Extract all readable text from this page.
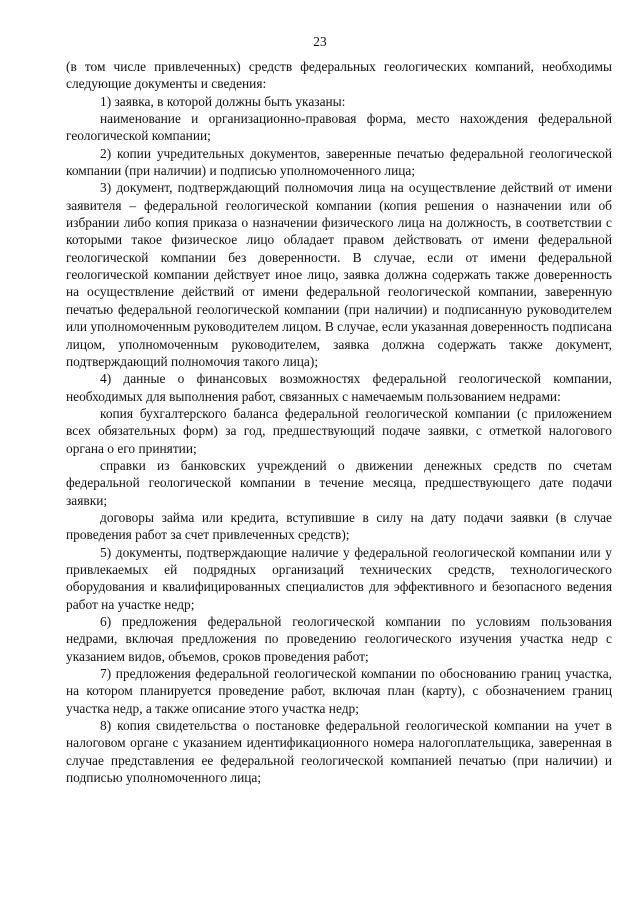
23

(в том числе привлеченных) средств федеральных геологических компаний, необходимы следующие документы и сведения:

1) заявка, в которой должны быть указаны:

наименование и организационно-правовая форма, место нахождения федеральной геологической компании;

2) копии учредительных документов, заверенные печатью федеральной геологической компании (при наличии) и подписью уполномоченного лица;

3) документ, подтверждающий полномочия лица на осуществление действий от имени заявителя – федеральной геологической компании (копия решения о назначении или об избрании либо копия приказа о назначении физического лица на должность, в соответствии с которыми такое физическое лицо обладает правом действовать от имени федеральной геологической компании без доверенности. В случае, если от имени федеральной геологической компании действует иное лицо, заявка должна содержать также доверенность на осуществление действий от имени федеральной геологической компании, заверенную печатью федеральной геологической компании (при наличии) и подписанную руководителем или уполномоченным руководителем лицом. В случае, если указанная доверенность подписана лицом, уполномоченным руководителем, заявка должна содержать также документ, подтверждающий полномочия такого лица);

4) данные о финансовых возможностях федеральной геологической компании, необходимых для выполнения работ, связанных с намечаемым пользованием недрами:

копия бухгалтерского баланса федеральной геологической компании (с приложением всех обязательных форм) за год, предшествующий подаче заявки, с отметкой налогового органа о его принятии;

справки из банковских учреждений о движении денежных средств по счетам федеральной геологической компании в течение месяца, предшествующего дате подачи заявки;

договоры займа или кредита, вступившие в силу на дату подачи заявки (в случае проведения работ за счет привлеченных средств);

5) документы, подтверждающие наличие у федеральной геологической компании или у привлекаемых ей подрядных организаций технических средств, технологического оборудования и квалифицированных специалистов для эффективного и безопасного ведения работ на участке недр;

6) предложения федеральной геологической компании по условиям пользования недрами, включая предложения по проведению геологического изучения участка недр с указанием видов, объемов, сроков проведения работ;

7) предложения федеральной геологической компании по обоснованию границ участка, на котором планируется проведение работ, включая план (карту), с обозначением границ участка недр, а также описание этого участка недр;

8) копия свидетельства о постановке федеральной геологической компании на учет в налоговом органе с указанием идентификационного номера налогоплательщика, заверенная в случае представления ее федеральной геологической компанией печатью (при наличии) и подписью уполномоченного лица;
